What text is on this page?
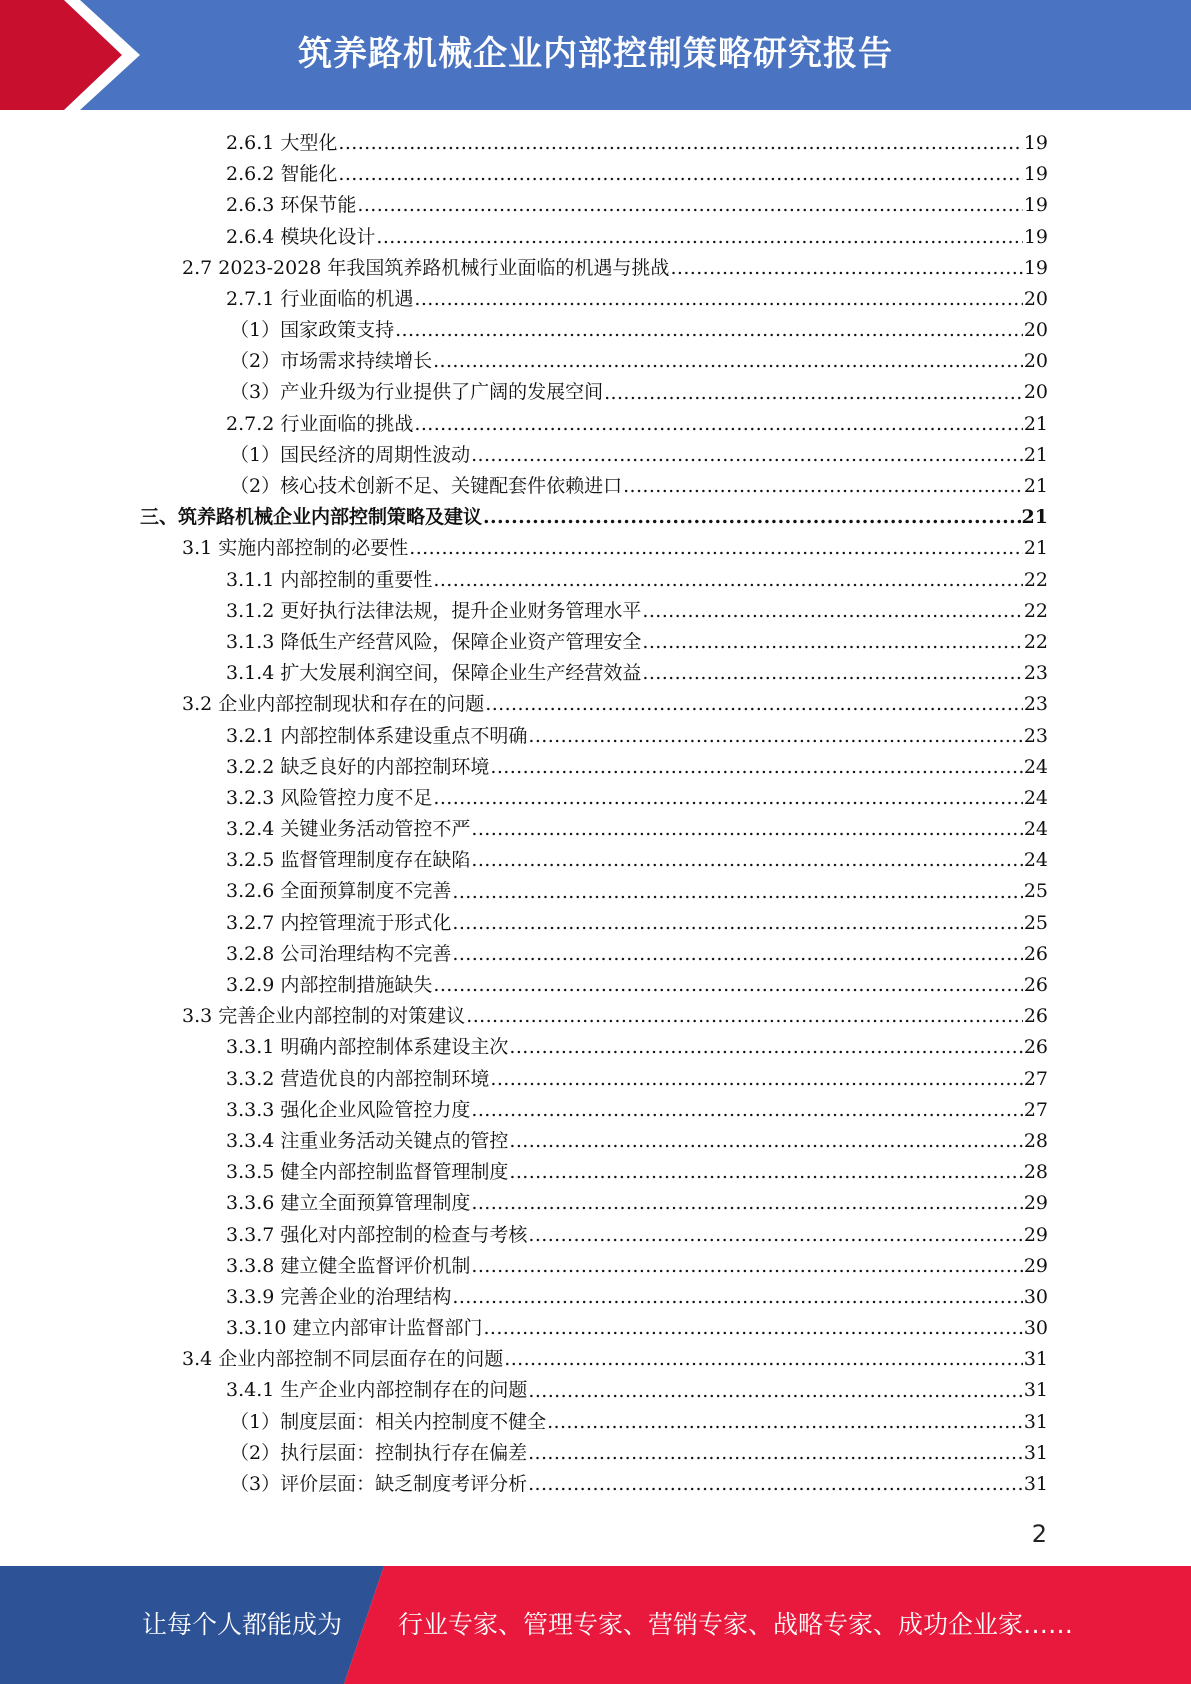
筑养路机械企业内部控制策略研究报告
2.6.1 大型化 .....	19
2.6.2 智能化 .....	19
2.6.3 环保节能 .....	19
2.6.4 模块化设计 .....	19
2.7 2023-2028 年我国筑养路机械行业面临的机遇与挑战 .....	19
2.7.1 行业面临的机遇 .....	20
（1）国家政策支持 .....	20
（2）市场需求持续增长 .....	20
（3）产业升级为行业提供了广阔的发展空间 .....	20
2.7.2 行业面临的挑战 .....	21
（1）国民经济的周期性波动 .....	21
（2）核心技术创新不足、关键配套件依赖进口 .....	21
三、筑养路机械企业内部控制策略及建议 .....	21
3.1 实施内部控制的必要性 .....	21
3.1.1 内部控制的重要性 .....	22
3.1.2 更好执行法律法规，提升企业财务管理水平 .....	22
3.1.3 降低生产经营风险，保障企业资产管理安全 .....	22
3.1.4 扩大发展利润空间，保障企业生产经营效益 .....	23
3.2 企业内部控制现状和存在的问题 .....	23
3.2.1 内部控制体系建设重点不明确 .....	23
3.2.2 缺乏良好的内部控制环境 .....	24
3.2.3 风险管控力度不足 .....	24
3.2.4 关键业务活动管控不严 .....	24
3.2.5 监督管理制度存在缺陷 .....	24
3.2.6 全面预算制度不完善 .....	25
3.2.7 内控管理流于形式化 .....	25
3.2.8 公司治理结构不完善 .....	26
3.2.9 内部控制措施缺失 .....	26
3.3 完善企业内部控制的对策建议 .....	26
3.3.1 明确内部控制体系建设主次 .....	26
3.3.2 营造优良的内部控制环境 .....	27
3.3.3 强化企业风险管控力度 .....	27
3.3.4 注重业务活动关键点的管控 .....	28
3.3.5 健全内部控制监督管理制度 .....	28
3.3.6 建立全面预算管理制度 .....	29
3.3.7 强化对内部控制的检查与考核 .....	29
3.3.8 建立健全监督评价机制 .....	29
3.3.9 完善企业的治理结构 .....	30
3.3.10 建立内部审计监督部门 .....	30
3.4 企业内部控制不同层面存在的问题 .....	31
3.4.1 生产企业内部控制存在的问题 .....	31
（1）制度层面：相关内控制度不健全 .....	31
（2）执行层面：控制执行存在偏差 .....	31
（3）评价层面：缺乏制度考评分析 .....	31
2
让每个人都能成为 行业专家、管理专家、营销专家、战略专家、成功企业家……
